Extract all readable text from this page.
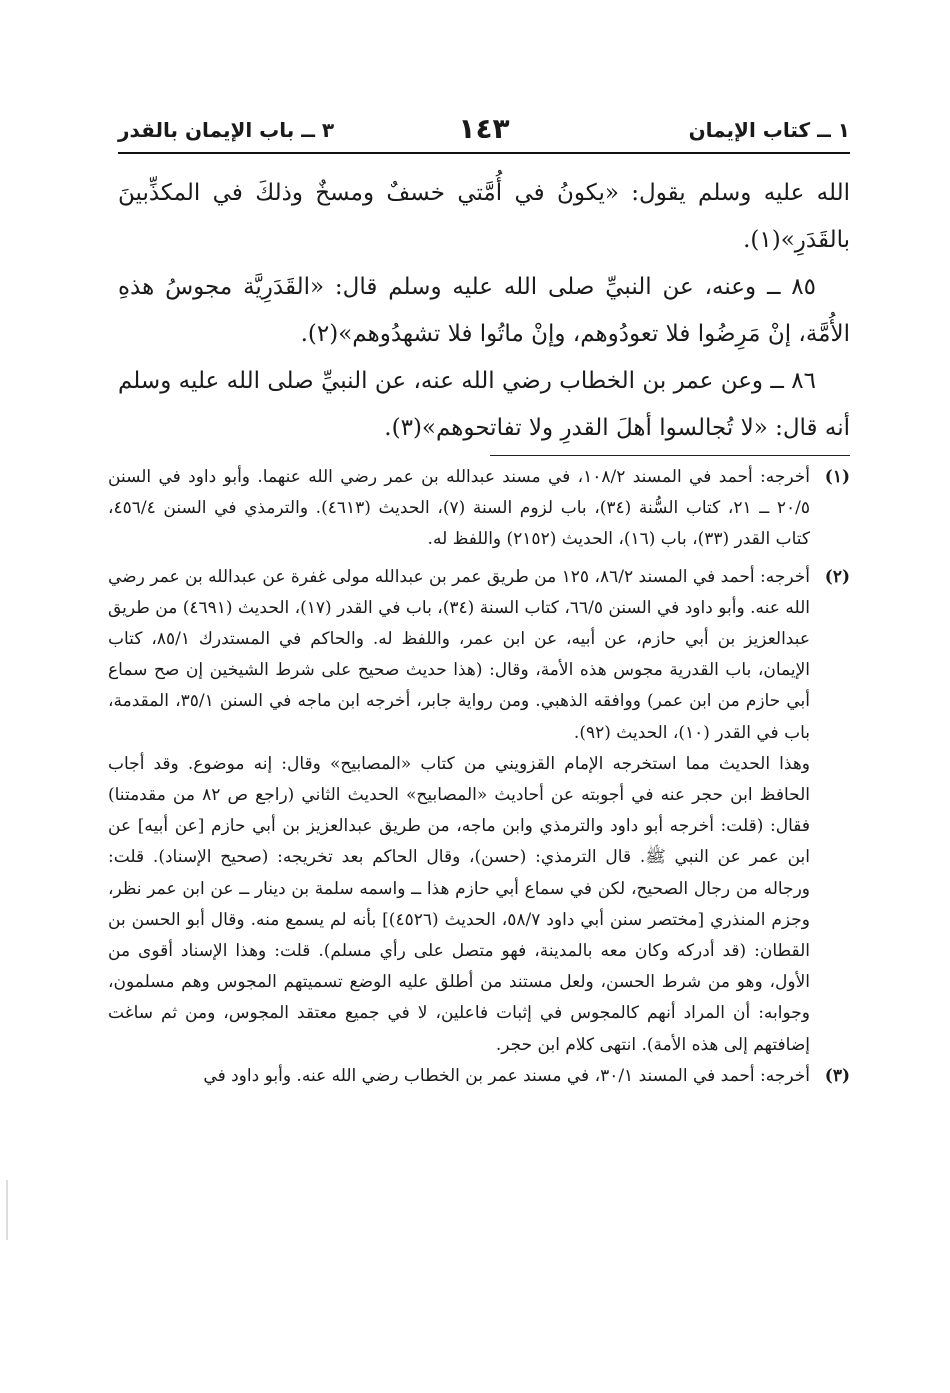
١ ــ كتاب الإيمان
١٤٣
٣ ــ باب الإيمان بالقدر

الله عليه وسلم يقول: «يكونُ في أُمَّتي خسفٌ ومسخٌ وذلكَ في المكذِّبينَ بالقَدَرِ»(١).

٨٥ ــ وعنه، عن النبيِّ صلى الله عليه وسلم قال: «القَدَرِيَّة مجوسُ هذهِ الأُمَّة، إنْ مَرِضُوا فلا تعودُوهم، وإنْ ماتُوا فلا تشهدُوهم»(٢).

٨٦ ــ وعن عمر بن الخطاب رضي الله عنه، عن النبيِّ صلى الله عليه وسلم أنه قال: «لا تُجالسوا أهلَ القدرِ ولا تفاتحوهم»(٣).

(١)

أخرجه: أحمد في المسند ١٠٨/٢، في مسند عبدالله بن عمر رضي الله عنهما. وأبو داود في السنن ٢٠/٥ ــ ٢١، كتاب السُّنة (٣٤)، باب لزوم السنة (٧)، الحديث (٤٦١٣). والترمذي في السنن ٤٥٦/٤، كتاب القدر (٣٣)، باب (١٦)، الحديث (٢١٥٢) واللفظ له.

(٢)

أخرجه: أحمد في المسند ٨٦/٢، ١٢٥ من طريق عمر بن عبدالله مولى غفرة عن عبدالله بن عمر رضي الله عنه. وأبو داود في السنن ٦٦/٥، كتاب السنة (٣٤)، باب في القدر (١٧)، الحديث (٤٦٩١) من طريق عبدالعزيز بن أبي حازم، عن أبيه، عن ابن عمر، واللفظ له. والحاكم في المستدرك ٨٥/١، كتاب الإيمان، باب القدرية مجوس هذه الأمة، وقال: (هذا حديث صحيح على شرط الشيخين إن صح سماع أبي حازم من ابن عمر) ووافقه الذهبي. ومن رواية جابر، أخرجه ابن ماجه في السنن ٣٥/١، المقدمة، باب في القدر (١٠)، الحديث (٩٢).

وهذا الحديث مما استخرجه الإمام القزويني من كتاب «المصابيح» وقال: إنه موضوع. وقد أجاب الحافظ ابن حجر عنه في أجوبته عن أحاديث «المصابيح» الحديث الثاني (راجع ص ٨٢ من مقدمتنا) فقال: (قلت: أخرجه أبو داود والترمذي وابن ماجه، من طريق عبدالعزيز بن أبي حازم [عن أبيه] عن ابن عمر عن النبي ﷺ. قال الترمذي: (حسن)، وقال الحاكم بعد تخريجه: (صحيح الإسناد). قلت: ورجاله من رجال الصحيح، لكن في سماع أبي حازم هذا ــ واسمه سلمة بن دينار ــ عن ابن عمر نظر، وجزم المنذري [مختصر سنن أبي داود ٥٨/٧، الحديث (٤٥٢٦)] بأنه لم يسمع منه. وقال أبو الحسن بن القطان: (قد أدركه وكان معه بالمدينة، فهو متصل على رأي مسلم). قلت: وهذا الإسناد أقوى من الأول، وهو من شرط الحسن، ولعل مستند من أطلق عليه الوضع تسميتهم المجوس وهم مسلمون، وجوابه: أن المراد أنهم كالمجوس في إثبات فاعلين، لا في جميع معتقد المجوس، ومن ثم ساغت إضافتهم إلى هذه الأمة). انتهى كلام ابن حجر.

(٣)

أخرجه: أحمد في المسند ٣٠/١، في مسند عمر بن الخطاب رضي الله عنه. وأبو داود في
